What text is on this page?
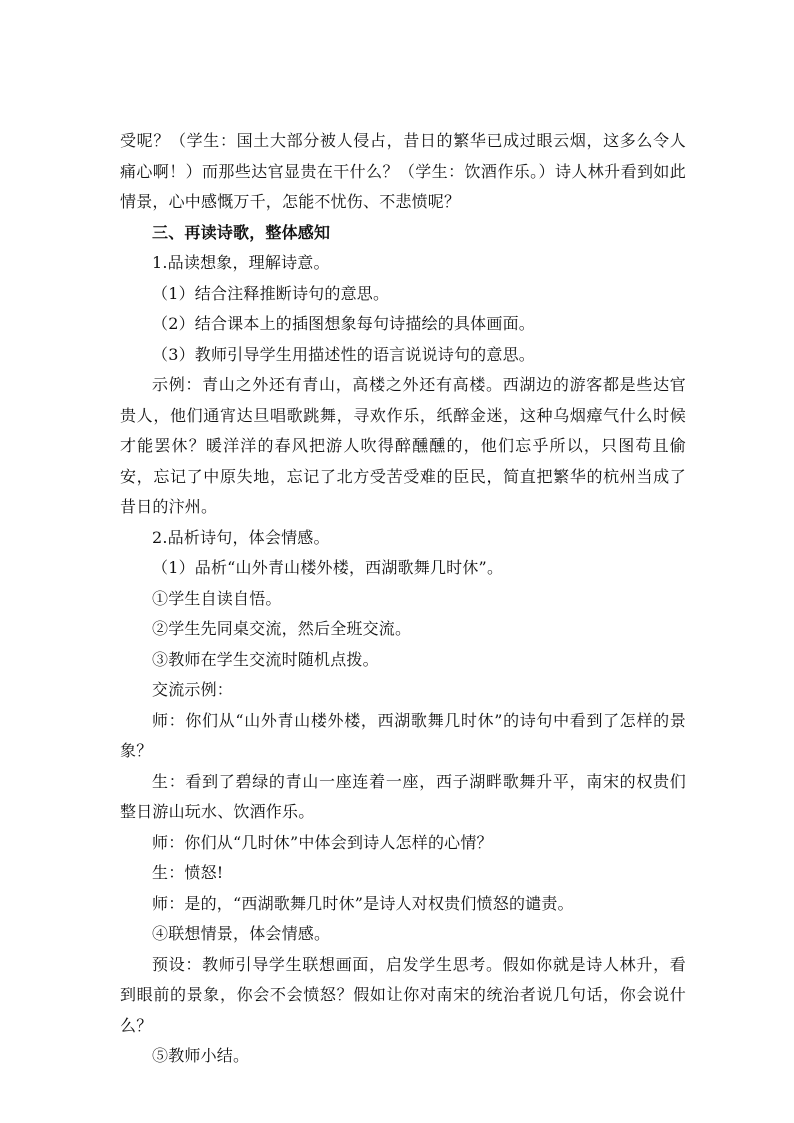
受呢？（学生：国土大部分被人侵占，昔日的繁华已成过眼云烟，这多么令人痛心啊！）而那些达官显贵在干什么？（学生：饮酒作乐。）诗人林升看到如此情景，心中感慨万千，怎能不忧伤、不悲愤呢？

三、再读诗歌，整体感知

1.品读想象，理解诗意。

（1）结合注释推断诗句的意思。

（2）结合课本上的插图想象每句诗描绘的具体画面。

（3）教师引导学生用描述性的语言说说诗句的意思。

示例：青山之外还有青山，高楼之外还有高楼。西湖边的游客都是些达官贵人，他们通宵达旦唱歌跳舞，寻欢作乐，纸醉金迷，这种乌烟瘴气什么时候才能罢休？暖洋洋的春风把游人吹得醉醺醺的，他们忘乎所以，只图苟且偷安，忘记了中原失地，忘记了北方受苦受难的臣民，简直把繁华的杭州当成了昔日的汴州。

2.品析诗句，体会情感。

（1）品析“山外青山楼外楼，西湖歌舞几时休”。

①学生自读自悟。

②学生先同桌交流，然后全班交流。

③教师在学生交流时随机点拨。

交流示例：

师：你们从“山外青山楼外楼，西湖歌舞几时休”的诗句中看到了怎样的景象？

生：看到了碧绿的青山一座连着一座，西子湖畔歌舞升平，南宋的权贵们整日游山玩水、饮酒作乐。

师：你们从“几时休”中体会到诗人怎样的心情？

生：愤怒!

师：是的，“西湖歌舞几时休”是诗人对权贵们愤怒的谴责。

④联想情景，体会情感。

预设：教师引导学生联想画面，启发学生思考。假如你就是诗人林升，看到眼前的景象，你会不会愤怒？假如让你对南宋的统治者说几句话，你会说什么？

⑤教师小结。
